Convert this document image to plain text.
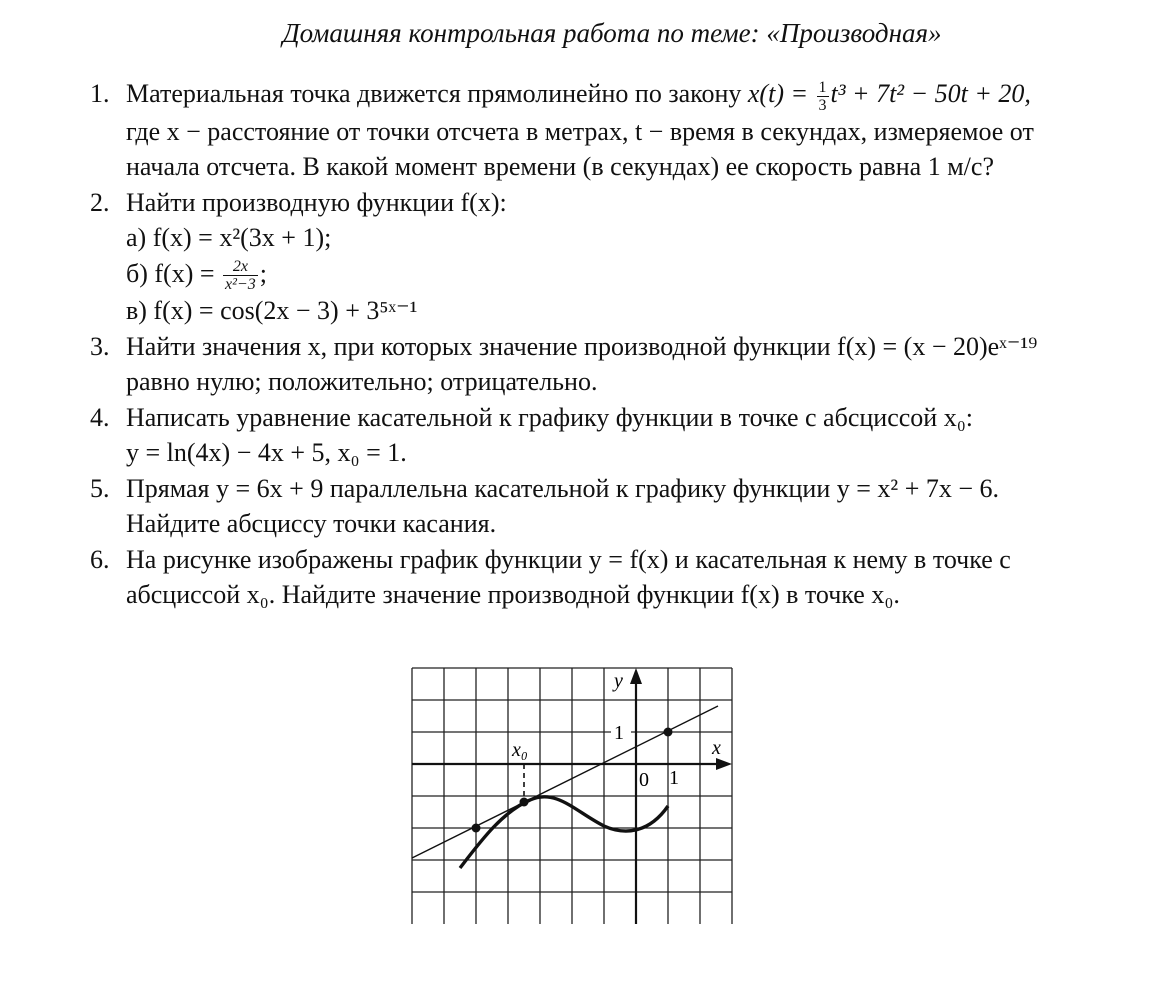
Домашняя контрольная работа по теме: «Производная»
1. Материальная точка движется прямолинейно по закону $x(t) = \frac{1}{3} t^3 + 7t^2 - 50t + 20$,
где x − расстояние от точки отсчета в метрах, t − время в секундах, измеряемое от
начала отсчета. В какой момент времени (в секундах) ее скорость равна 1 м/с?
2. Найти производную функции f(x):
а) f(x) = x²(3x + 1);
б) $f(x) = \frac{2x}{\text{x²−3}}$ ;
в) f(x) = cos(2x − 3) + 3⁵ˣ⁻¹
3. Найти значения x, при которых значение производной функции f(x) = (x − 20)eˣ⁻¹⁹
равно нулю; положительно; отрицательно.
4. Написать уравнение касательной к графику функции в точке с абсциссой x₀:
y = ln(4x) − 4x + 5, x₀ = 1.
5. Прямая y = 6x + 9 параллельна касательной к графику функции y = x² + 7x − 6.
Найдите абсциссу точки касания.
6. На рисунке изображены график функции y = f(x) и касательная к нему в точке с
абсциссой x₀. Найдите значение производной функции f(x) в точке x₀.
y
x
x₀
0 1
1
